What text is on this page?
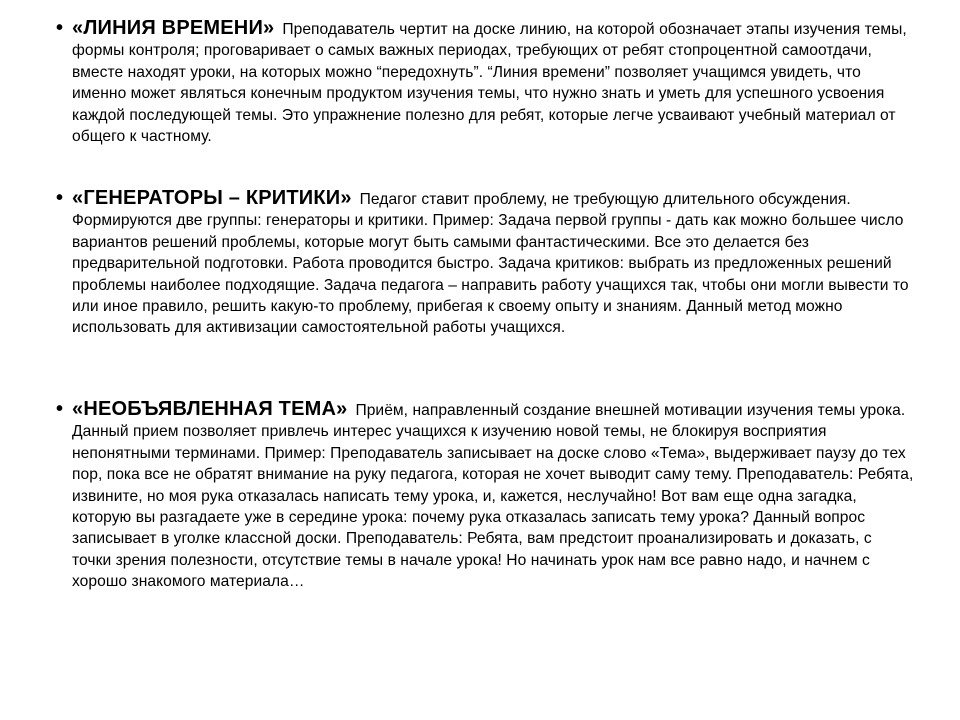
• «ЛИНИЯ ВРЕМЕНИ» Преподаватель чертит на доске линию, на которой обозначает этапы изучения темы, формы контроля; проговаривает о самых важных периодах, требующих от ребят стопроцентной самоотдачи, вместе находят уроки, на которых можно “передохнуть”. “Линия времени” позволяет учащимся увидеть, что именно может являться конечным продуктом изучения темы, что нужно знать и уметь для успешного усвоения каждой последующей темы. Это упражнение полезно для ребят, которые легче усваивают учебный материал от общего к частному.
• «ГЕНЕРАТОРЫ – КРИТИКИ» Педагог ставит проблему, не требующую длительного обсуждения. Формируются две группы: генераторы и критики. Пример: Задача первой группы - дать как можно большее число вариантов решений проблемы, которые могут быть самыми фантастическими. Все это делается без предварительной подготовки. Работа проводится быстро. Задача критиков: выбрать из предложенных решений проблемы наиболее подходящие. Задача педагога – направить работу учащихся так, чтобы они могли вывести то или иное правило, решить какую-то проблему, прибегая к своему опыту и знаниям. Данный метод можно использовать для активизации самостоятельной работы учащихся.
• «НЕОБЪЯВЛЕННАЯ ТЕМА» Приём, направленный создание внешней мотивации изучения темы урока. Данный прием позволяет привлечь интерес учащихся к изучению новой темы, не блокируя восприятия непонятными терминами. Пример: Преподаватель записывает на доске слово «Тема», выдерживает паузу до тех пор, пока все не обратят внимание на руку педагога, которая не хочет выводит саму тему. Преподаватель: Ребята, извините, но моя рука отказалась написать тему урока, и, кажется, неслучайно! Вот вам еще одна загадка, которую вы разгадаете уже в середине урока: почему рука отказалась записать тему урока? Данный вопрос записывает в уголке классной доски. Преподаватель: Ребята, вам предстоит проанализировать и доказать, с точки зрения полезности, отсутствие темы в начале урока! Но начинать урок нам все равно надо, и начнем с хорошо знакомого материала…
